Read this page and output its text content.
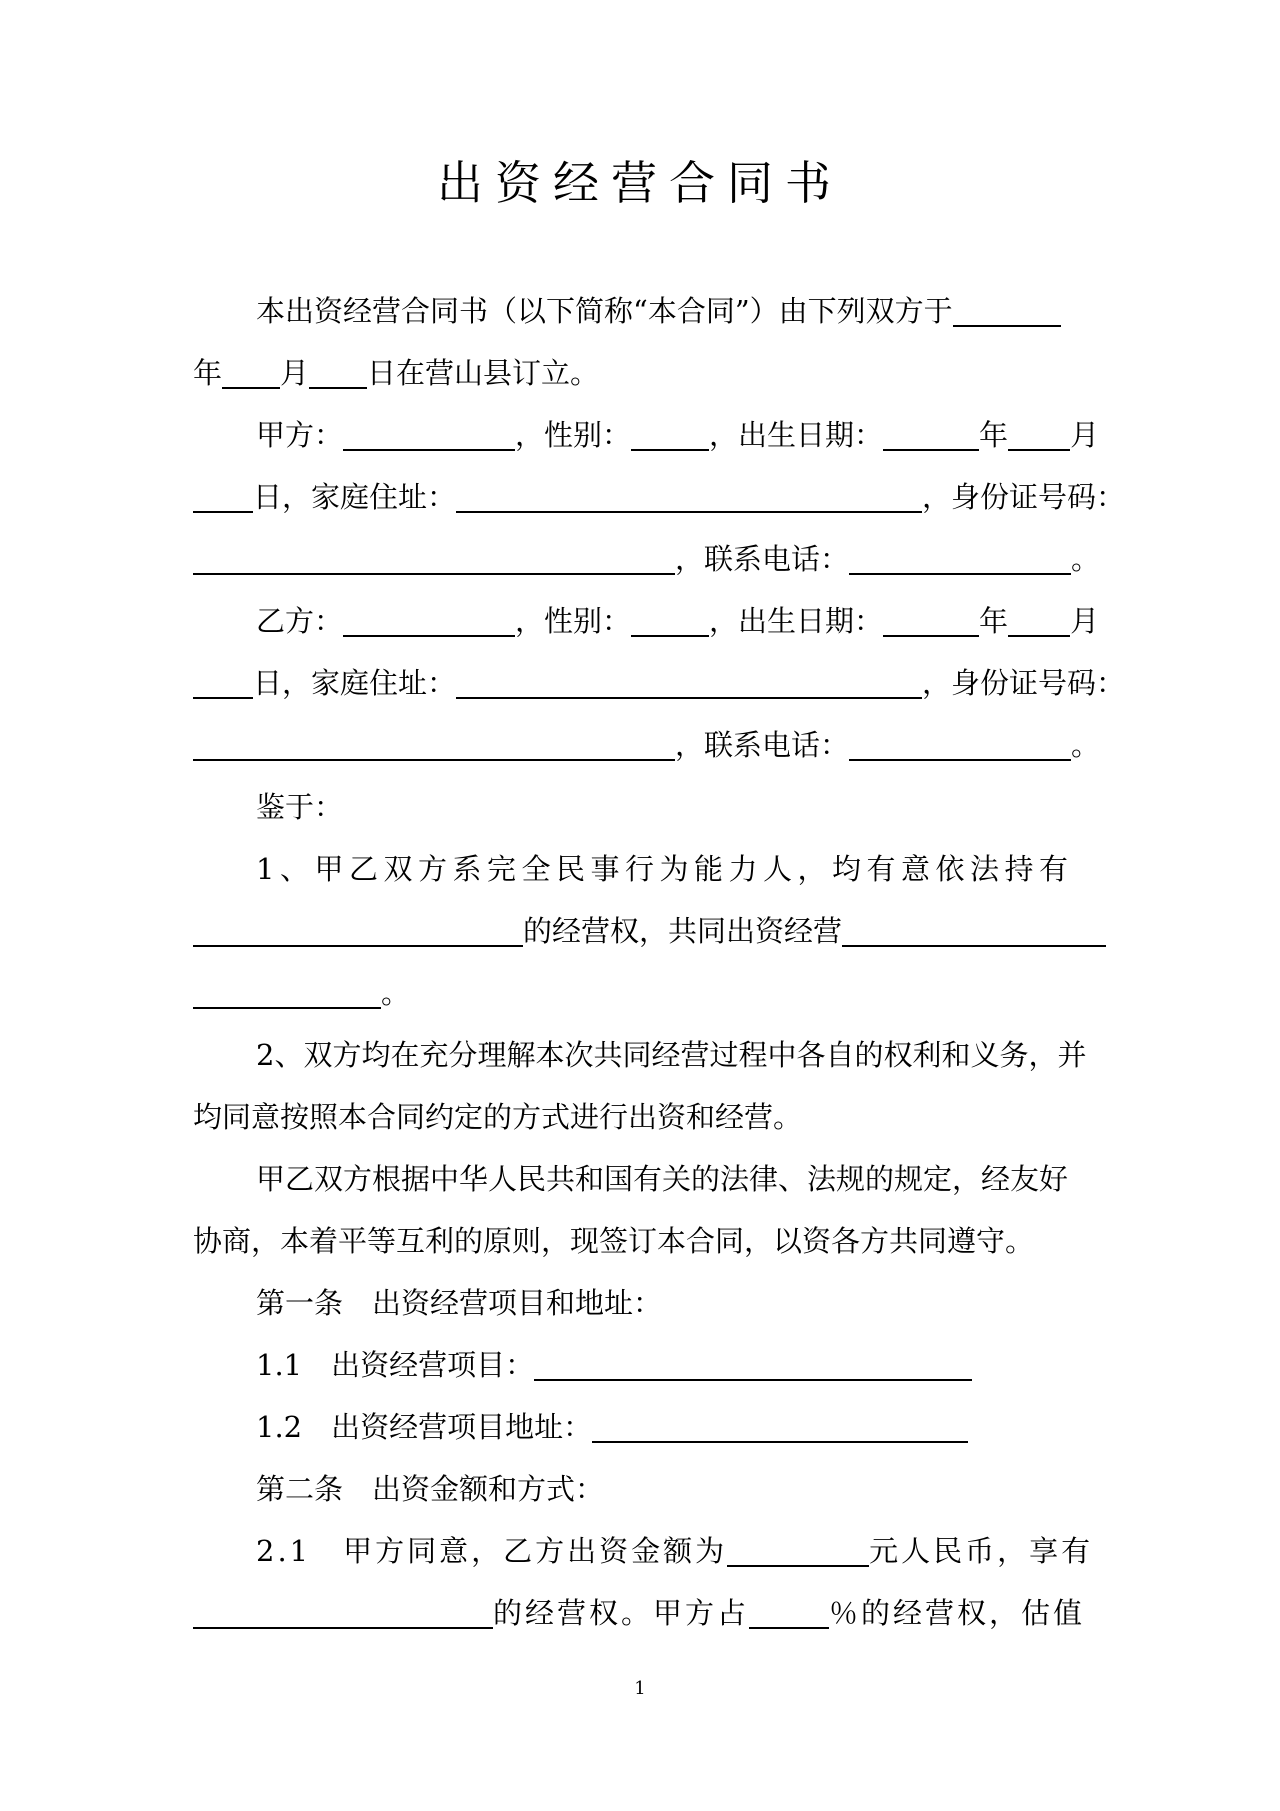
出资经营合同书
本出资经营合同书（以下简称“本合同”）由下列双方于
年 月 日在营山县订立。
甲方：	，性别：	，出生日期：	年 月
日，家庭住址：	，身份证号码：
，联系电话：	。
乙方：	，性别：	，出生日期：	年 月
日，家庭住址：	，身份证号码：
，联系电话：	。
鉴于：
1、甲乙双方系完全民事行为能力人，均有意依法持有
的经营权，共同出资经营
。
2、双方均在充分理解本次共同经营过程中各自的权利和义务，并
均同意按照本合同约定的方式进行出资和经营。
甲乙双方根据中华人民共和国有关的法律、法规的规定，经友好
协商，本着平等互利的原则，现签订本合同，以资各方共同遵守。
第一条　出资经营项目和地址：
1.1　出资经营项目：
1.2　出资经营项目地址：
第二条　出资金额和方式：
2.1　甲方同意，乙方出资金额为	元人民币，享有
的经营权。甲方占	％的经营权，估值
1
